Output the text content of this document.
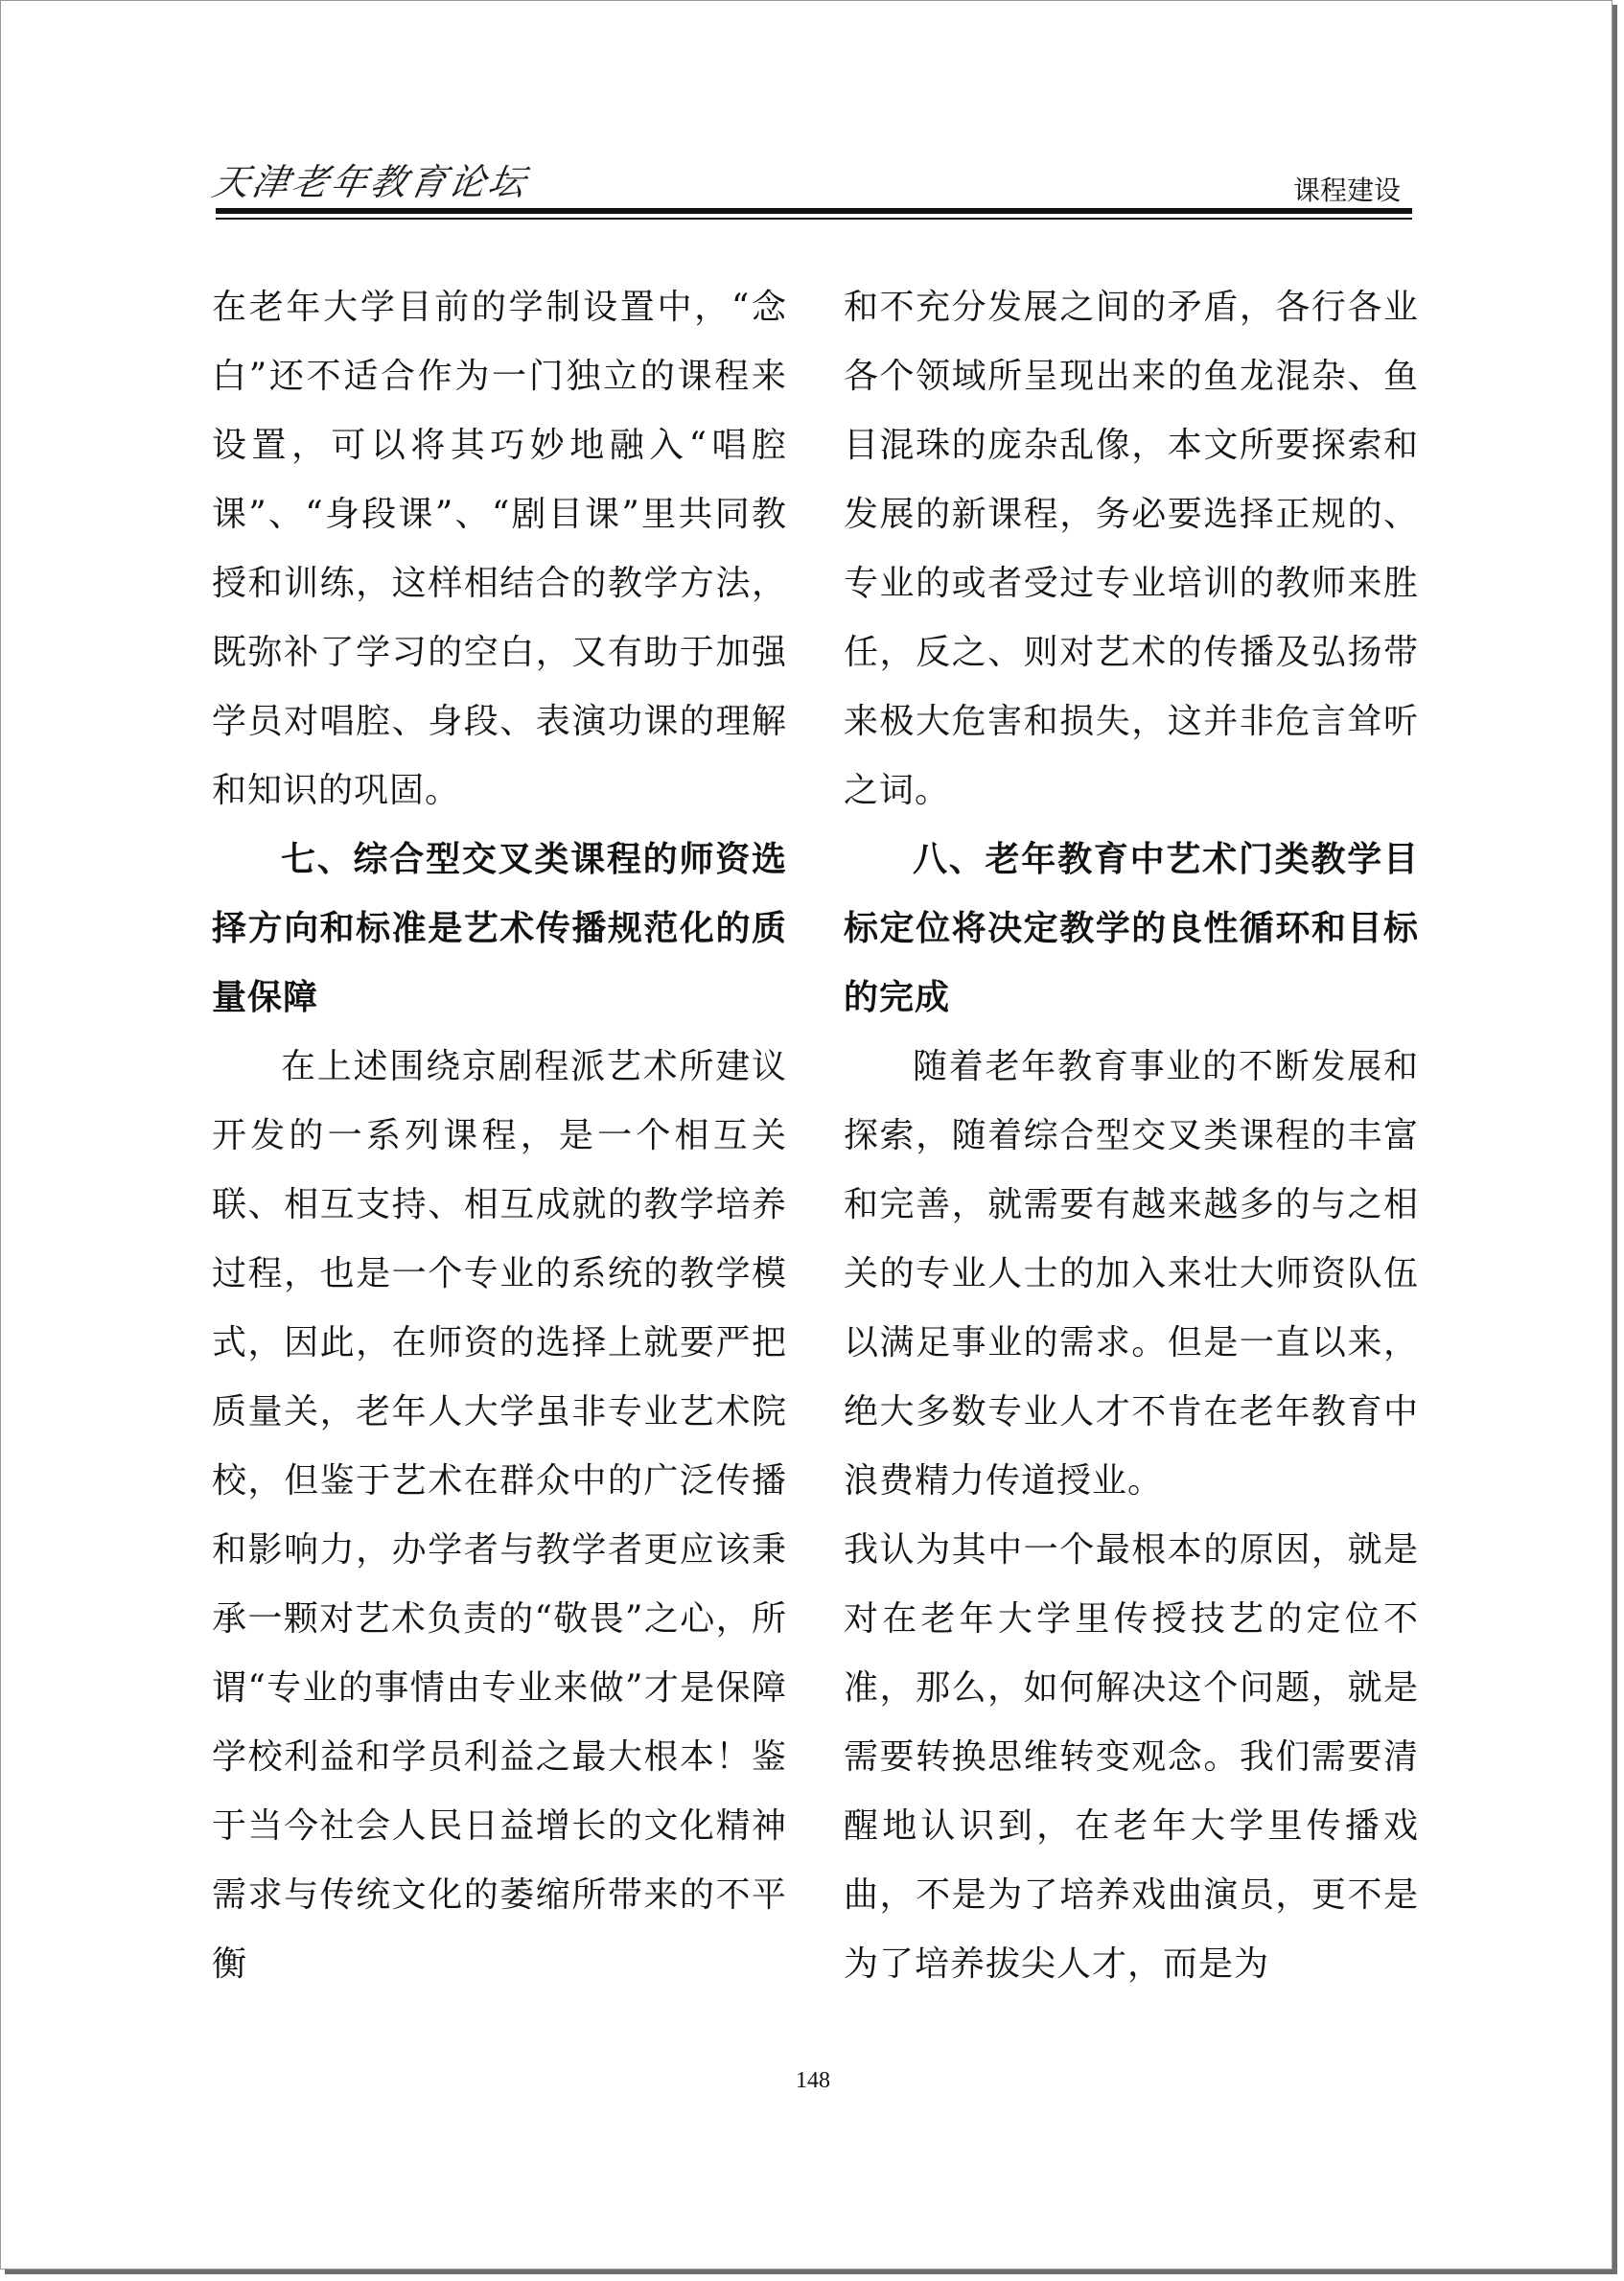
天津老年教育论坛	课程建设

在老年大学目前的学制设置中，“念白”还不适合作为一门独立的课程来设置，可以将其巧妙地融入“唱腔课”、“身段课”、“剧目课”里共同教授和训练，这样相结合的教学方法，既弥补了学习的空白，又有助于加强学员对唱腔、身段、表演功课的理解和知识的巩固。

七、综合型交叉类课程的师资选择方向和标准是艺术传播规范化的质量保障

在上述围绕京剧程派艺术所建议开发的一系列课程，是一个相互关联、相互支持、相互成就的教学培养过程，也是一个专业的系统的教学模式，因此，在师资的选择上就要严把质量关，老年人大学虽非专业艺术院校，但鉴于艺术在群众中的广泛传播和影响力，办学者与教学者更应该秉承一颗对艺术负责的“敬畏”之心，所谓“专业的事情由专业来做”才是保障学校利益和学员利益之最大根本！鉴于当今社会人民日益增长的文化精神需求与传统文化的萎缩所带来的不平衡

和不充分发展之间的矛盾，各行各业各个领域所呈现出来的鱼龙混杂、鱼目混珠的庞杂乱像，本文所要探索和发展的新课程，务必要选择正规的、专业的或者受过专业培训的教师来胜任，反之、则对艺术的传播及弘扬带来极大危害和损失，这并非危言耸听之词。

八、老年教育中艺术门类教学目标定位将决定教学的良性循环和目标的完成

随着老年教育事业的不断发展和探索，随着综合型交叉类课程的丰富和完善，就需要有越来越多的与之相关的专业人士的加入来壮大师资队伍以满足事业的需求。但是一直以来，绝大多数专业人才不肯在老年教育中浪费精力传道授业。

我认为其中一个最根本的原因，就是对在老年大学里传授技艺的定位不准，那么，如何解决这个问题，就是需要转换思维转变观念。我们需要清醒地认识到，在老年大学里传播戏曲，不是为了培养戏曲演员，更不是为了培养拔尖人才，而是为

148
